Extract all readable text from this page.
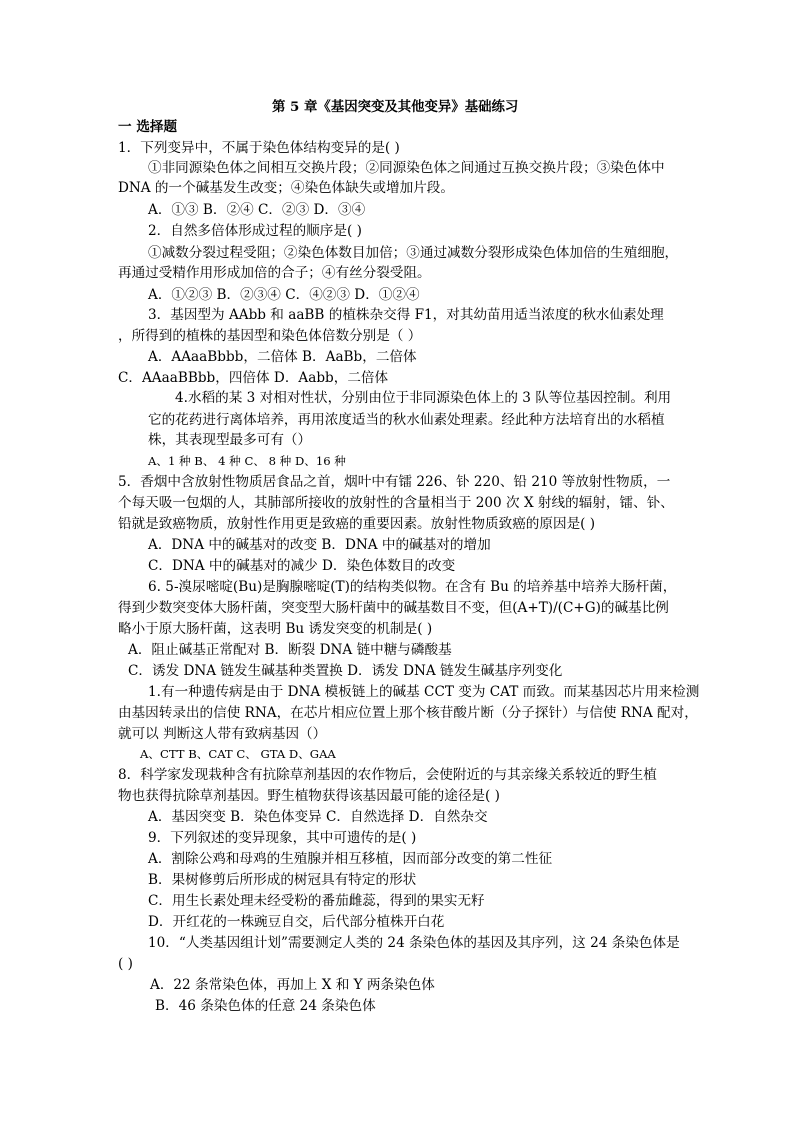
第 5 章《基因突变及其他变异》基础练习
一 选择题
1．下列变异中，不属于染色体结构变异的是( )
①非同源染色体之间相互交换片段；②同源染色体之间通过互换交换片段；③染色体中
DNA 的一个碱基发生改变；④染色体缺失或增加片段。
A．①③ B．②④ C．②③ D．③④
2．自然多倍体形成过程的顺序是( )
①减数分裂过程受阻；②染色体数目加倍；③通过减数分裂形成染色体加倍的生殖细胞，
再通过受精作用形成加倍的合子；④有丝分裂受阻。
A．①②③ B．②③④ C．④②③ D．①②④
3．基因型为 AAbb 和 aaBB 的植株杂交得 F1，对其幼苗用适当浓度的秋水仙素处理
，所得到的植株的基因型和染色体倍数分别是（ ）
A．AAaaBbbb，二倍体 B．AaBb，二倍体
C．AAaaBBbb，四倍体 D．Aabb，二倍体
4.水稻的某 3 对相对性状，分别由位于非同源染色体上的 3 队等位基因控制。利用
它的花药进行离体培养，再用浓度适当的秋水仙素处理素。经此种方法培育出的水稻植
株，其表现型最多可有（）
A、1 种 B、 4 种 C、 8 种 D、16 种
5．香烟中含放射性物质居食品之首，烟叶中有镭 226、钋 220、铅 210 等放射性物质，一
个每天吸一包烟的人，其肺部所接收的放射性的含量相当于 200 次 X 射线的辐射，镭、钋、
铅就是致癌物质，放射性作用更是致癌的重要因素。放射性物质致癌的原因是( )
A．DNA 中的碱基对的改变 B．DNA 中的碱基对的增加
C．DNA 中的碱基对的减少 D．染色体数目的改变
6. 5-溴尿嘧啶(Bu)是胸腺嘧啶(T)的结构类似物。在含有 Bu 的培养基中培养大肠杆菌，
得到少数突变体大肠杆菌，突变型大肠杆菌中的碱基数目不变，但(A+T)/(C+G)的碱基比例
略小于原大肠杆菌，这表明 Bu 诱发突变的机制是( )
A．阻止碱基正常配对 B．断裂 DNA 链中糖与磷酸基
C．诱发 DNA 链发生碱基种类置换 D．诱发 DNA 链发生碱基序列变化
1.有一种遗传病是由于 DNA 模板链上的碱基 CCT 变为 CAT 而致。而某基因芯片用来检测
由基因转录出的信使 RNA，在芯片相应位置上那个核苷酸片断（分子探针）与信使 RNA 配对，
就可以 判断这人带有致病基因（）
A、CTT B、CAT C、 GTA D、GAA
8．科学家发现栽种含有抗除草剂基因的农作物后，会使附近的与其亲缘关系较近的野生植
物也获得抗除草剂基因。野生植物获得该基因最可能的途径是( )
A．基因突变 B．染色体变异 C．自然选择 D．自然杂交
9．下列叙述的变异现象，其中可遗传的是( )
A．割除公鸡和母鸡的生殖腺并相互移植，因而部分改变的第二性征
B．果树修剪后所形成的树冠具有特定的形状
C．用生长素处理未经受粉的番茄雌蕊，得到的果实无籽
D．开红花的一株豌豆自交，后代部分植株开白花
10．“人类基因组计划”需要测定人类的 24 条染色体的基因及其序列，这 24 条染色体是
( )
A．22 条常染色体，再加上 X 和 Y 两条染色体
B．46 条染色体的任意 24 条染色体
